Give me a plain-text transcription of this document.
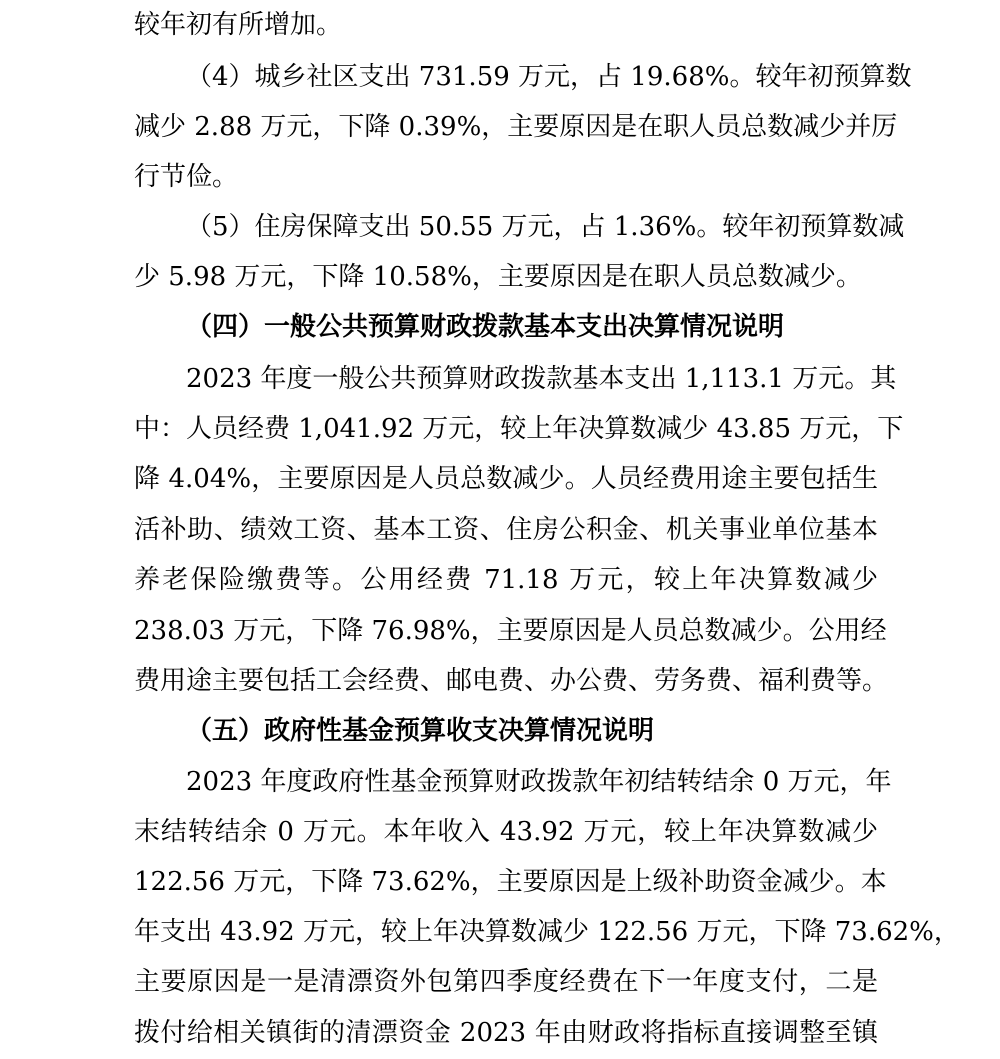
较年初有所增加。
（4）城乡社区支出 731.59 万元，占 19.68%。较年初预算数
减少 2.88 万元，下降 0.39%，主要原因是在职人员总数减少并厉
行节俭。
（5）住房保障支出 50.55 万元，占 1.36%。较年初预算数减
少 5.98 万元，下降 10.58%，主要原因是在职人员总数减少。
（四）一般公共预算财政拨款基本支出决算情况说明
2023 年度一般公共预算财政拨款基本支出 1,113.1 万元。其
中：人员经费 1,041.92 万元，较上年决算数减少 43.85 万元，下
降 4.04%，主要原因是人员总数减少。人员经费用途主要包括生
活补助、绩效工资、基本工资、住房公积金、机关事业单位基本
养老保险缴费等。公用经费 71.18 万元，较上年决算数减少
238.03 万元，下降 76.98%，主要原因是人员总数减少。公用经
费用途主要包括工会经费、邮电费、办公费、劳务费、福利费等。
（五）政府性基金预算收支决算情况说明
2023 年度政府性基金预算财政拨款年初结转结余 0 万元，年
末结转结余 0 万元。本年收入 43.92 万元，较上年决算数减少
122.56 万元，下降 73.62%，主要原因是上级补助资金减少。本
年支出 43.92 万元，较上年决算数减少 122.56 万元，下降 73.62%，
主要原因是一是清漂资外包第四季度经费在下一年度支付，二是
拨付给相关镇街的清漂资金 2023 年由财政将指标直接调整至镇
